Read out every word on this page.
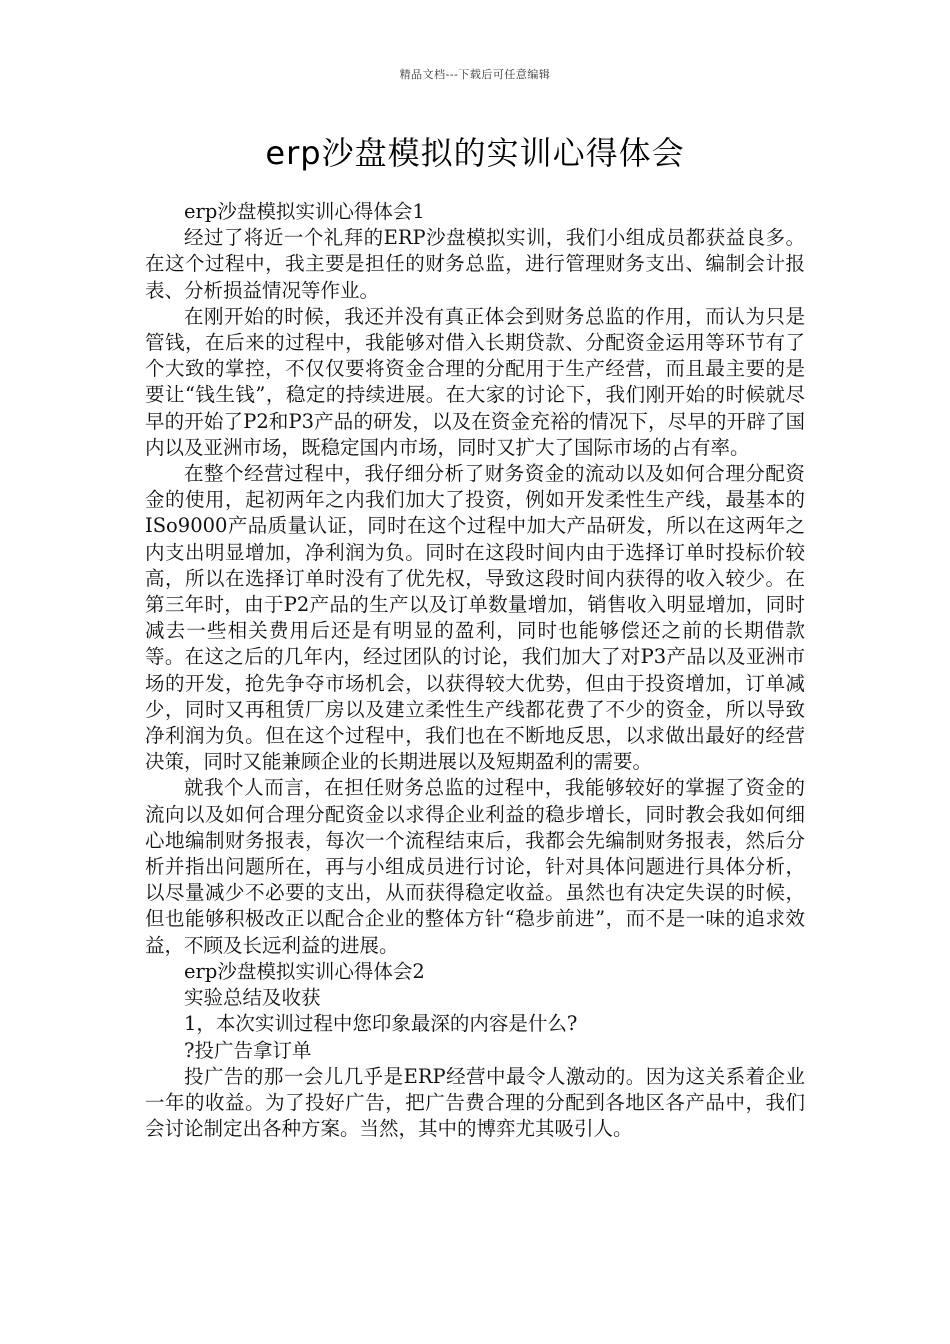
精品文档---下载后可任意编辑
erp沙盘模拟的实训心得体会

erp沙盘模拟实训心得体会1

经过了将近一个礼拜的ERP沙盘模拟实训，我们小组成员都获益良多。在这个过程中，我主要是担任的财务总监，进行管理财务支出、编制会计报表、分析损益情况等作业。

在刚开始的时候，我还并没有真正体会到财务总监的作用，而认为只是管钱，在后来的过程中，我能够对借入长期贷款、分配资金运用等环节有了个大致的掌控，不仅仅要将资金合理的分配用于生产经营，而且最主要的是要让“钱生钱”，稳定的持续进展。在大家的讨论下，我们刚开始的时候就尽早的开始了P2和P3产品的研发，以及在资金充裕的情况下，尽早的开辟了国内以及亚洲市场，既稳定国内市场，同时又扩大了国际市场的占有率。

在整个经营过程中，我仔细分析了财务资金的流动以及如何合理分配资金的使用，起初两年之内我们加大了投资，例如开发柔性生产线，最基本的ISo9000产品质量认证，同时在这个过程中加大产品研发，所以在这两年之内支出明显增加，净利润为负。同时在这段时间内由于选择订单时投标价较高，所以在选择订单时没有了优先权，导致这段时间内获得的收入较少。在第三年时，由于P2产品的生产以及订单数量增加，销售收入明显增加，同时减去一些相关费用后还是有明显的盈利，同时也能够偿还之前的长期借款等。在这之后的几年内，经过团队的讨论，我们加大了对P3产品以及亚洲市场的开发，抢先争夺市场机会，以获得较大优势，但由于投资增加，订单减少，同时又再租赁厂房以及建立柔性生产线都花费了不少的资金，所以导致净利润为负。但在这个过程中，我们也在不断地反思，以求做出最好的经营决策，同时又能兼顾企业的长期进展以及短期盈利的需要。

就我个人而言，在担任财务总监的过程中，我能够较好的掌握了资金的流向以及如何合理分配资金以求得企业利益的稳步增长，同时教会我如何细心地编制财务报表，每次一个流程结束后，我都会先编制财务报表，然后分析并指出问题所在，再与小组成员进行讨论，针对具体问题进行具体分析，以尽量减少不必要的支出，从而获得稳定收益。虽然也有决定失误的时候，但也能够积极改正以配合企业的整体方针“稳步前进”，而不是一味的追求效益，不顾及长远利益的进展。

erp沙盘模拟实训心得体会2

实验总结及收获

1，本次实训过程中您印象最深的内容是什么?

?投广告拿订单

投广告的那一会儿几乎是ERP经营中最令人激动的。因为这关系着企业一年的收益。为了投好广告，把广告费合理的分配到各地区各产品中，我们会讨论制定出各种方案。当然，其中的博弈尤其吸引人。
